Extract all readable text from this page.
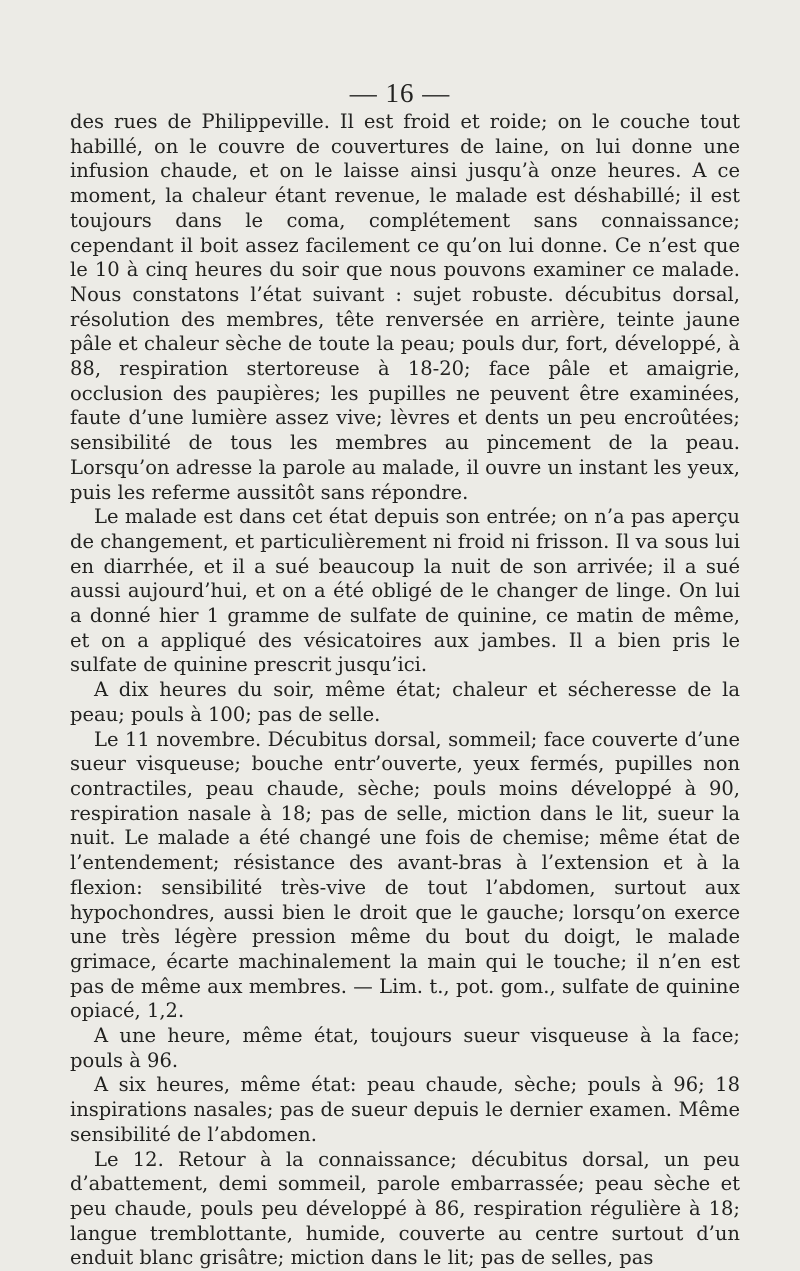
— 16 —

des rues de Philippeville. Il est froid et roide; on le couche tout habillé, on le couvre de couvertures de laine, on lui donne une infusion chaude, et on le laisse ainsi jusqu’à onze heures. A ce moment, la chaleur étant revenue, le malade est déshabillé; il est toujours dans le coma, complétement sans connaissance; cependant il boit assez facilement ce qu’on lui donne. Ce n’est que le 10 à cinq heures du soir que nous pouvons examiner ce malade. Nous constatons l’état suivant : sujet robuste. décubitus dorsal, résolution des membres, tête renversée en arrière, teinte jaune pâle et chaleur sèche de toute la peau; pouls dur, fort, développé, à 88, respiration stertoreuse à 18-20; face pâle et amaigrie, occlusion des paupières; les pupilles ne peuvent être examinées, faute d’une lumière assez vive; lèvres et dents un peu encroûtées; sensibilité de tous les membres au pincement de la peau. Lorsqu’on adresse la parole au malade, il ouvre un instant les yeux, puis les referme aussitôt sans répondre.

Le malade est dans cet état depuis son entrée; on n’a pas aperçu de changement, et particulièrement ni froid ni frisson. Il va sous lui en diarrhée, et il a sué beaucoup la nuit de son arrivée; il a sué aussi aujourd’hui, et on a été obligé de le changer de linge. On lui a donné hier 1 gramme de sulfate de quinine, ce matin de même, et on a appliqué des vésicatoires aux jambes. Il a bien pris le sulfate de quinine prescrit jusqu’ici.

A dix heures du soir, même état; chaleur et sécheresse de la peau; pouls à 100; pas de selle.

Le 11 novembre. Décubitus dorsal, sommeil; face couverte d’une sueur visqueuse; bouche entr’ouverte, yeux fermés, pupilles non contractiles, peau chaude, sèche; pouls moins développé à 90, respiration nasale à 18; pas de selle, miction dans le lit, sueur la nuit. Le malade a été changé une fois de chemise; même état de l’entendement; résistance des avant-bras à l’extension et à la flexion: sensibilité très-vive de tout l’abdomen, surtout aux hypochondres, aussi bien le droit que le gauche; lorsqu’on exerce une très légère pression même du bout du doigt, le malade grimace, écarte machinalement la main qui le touche; il n’en est pas de même aux membres. — Lim. t., pot. gom., sulfate de quinine opiacé, 1,2.

A une heure, même état, toujours sueur visqueuse à la face; pouls à 96.

A six heures, même état: peau chaude, sèche; pouls à 96; 18 inspirations nasales; pas de sueur depuis le dernier examen. Même sensibilité de l’abdomen.

Le 12. Retour à la connaissance; décubitus dorsal, un peu d’abattement, demi sommeil, parole embarrassée; peau sèche et peu chaude, pouls peu développé à 86, respiration régulière à 18; langue tremblottante, humide, couverte au centre surtout d’un enduit blanc grisâtre; miction dans le lit; pas de selles, pas
